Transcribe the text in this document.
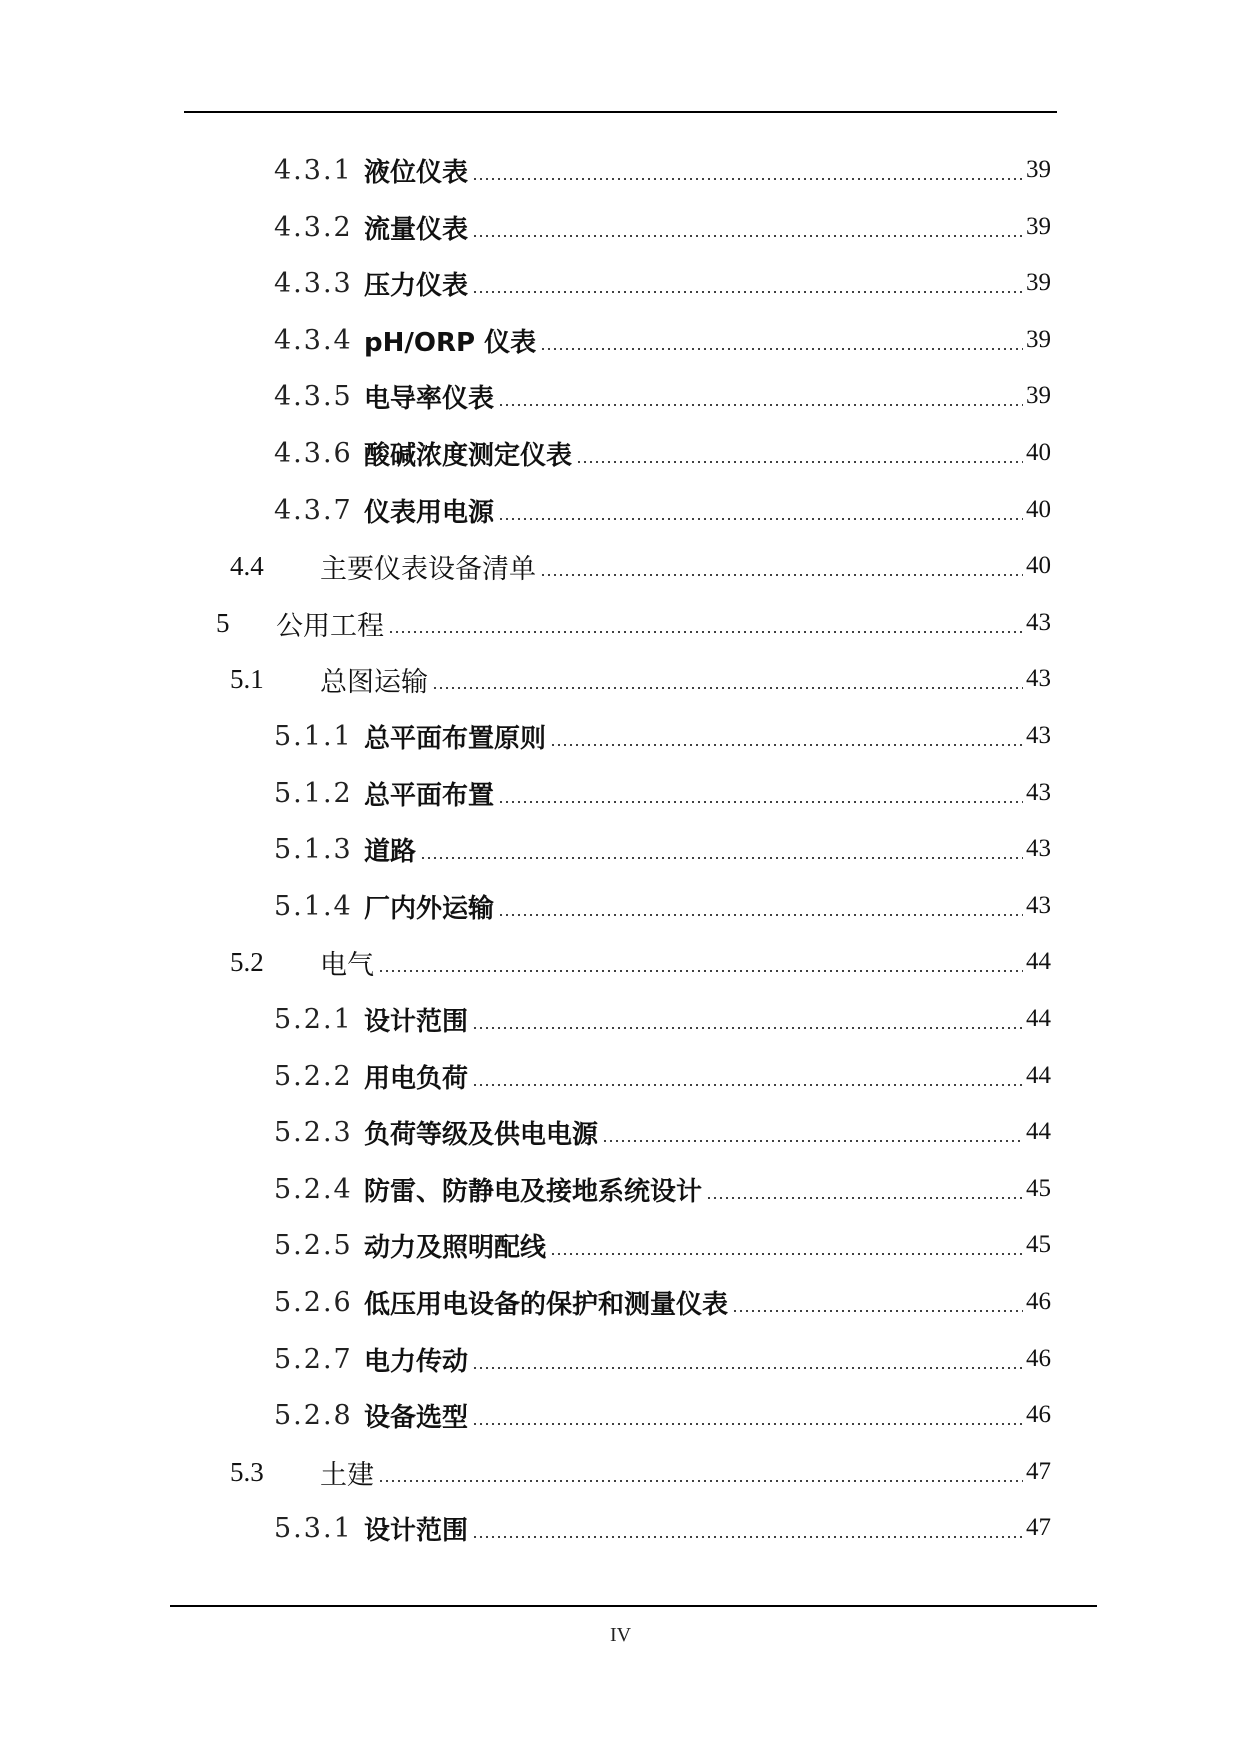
4.3.1 液位仪表	39
4.3.2 流量仪表	39
4.3.3 压力仪表	39
4.3.4 pH/ORP 仪表	39
4.3.5 电导率仪表	39
4.3.6 酸碱浓度测定仪表	40
4.3.7 仪表用电源	40
4.4	主要仪表设备清单	40
5	公用工程	43
5.1	总图运输	43
5.1.1 总平面布置原则	43
5.1.2 总平面布置	43
5.1.3 道路	43
5.1.4 厂内外运输	43
5.2	电气	44
5.2.1 设计范围	44
5.2.2 用电负荷	44
5.2.3 负荷等级及供电电源	44
5.2.4 防雷、防静电及接地系统设计	45
5.2.5 动力及照明配线	45
5.2.6 低压用电设备的保护和测量仪表	46
5.2.7 电力传动	46
5.2.8 设备选型	46
5.3	土建	47
5.3.1 设计范围	47
IV
